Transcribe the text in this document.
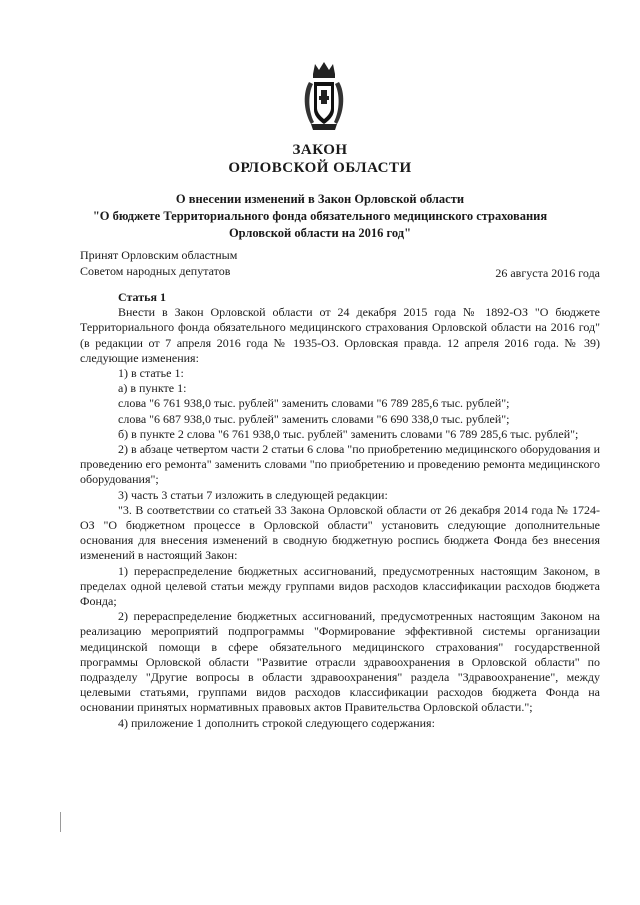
ЗАКОН
ОРЛОВСКОЙ ОБЛАСТИ
О внесении изменений в Закон Орловской области
"О бюджете Территориального фонда обязательного медицинского страхования
Орловской области на 2016 год"
Принят Орловским областным
Советом народных депутатов	26 августа 2016 года

Статья 1

Внести в Закон Орловской области от 24 декабря 2015 года № 1892-ОЗ "О бюджете Территориального фонда обязательного медицинского страхования Орловской области на 2016 год" (в редакции от 7 апреля 2016 года № 1935-ОЗ. Орловская правда. 12 апреля 2016 года. № 39) следующие изменения:

1) в статье 1:

а) в пункте 1:

слова "6 761 938,0 тыс. рублей" заменить словами "6 789 285,6 тыс. рублей";

слова "6 687 938,0 тыс. рублей" заменить словами "6 690 338,0 тыс. рублей";

б) в пункте 2 слова "6 761 938,0 тыс. рублей" заменить словами "6 789 285,6 тыс. рублей";

2) в абзаце четвертом части 2 статьи 6 слова "по приобретению медицинского оборудования и проведению его ремонта" заменить словами "по приобретению и проведению ремонта медицинского оборудования";

3) часть 3 статьи 7 изложить в следующей редакции:

"3. В соответствии со статьей 33 Закона Орловской области от 26 декабря 2014 года № 1724-ОЗ "О бюджетном процессе в Орловской области" установить следующие дополнительные основания для внесения изменений в сводную бюджетную роспись бюджета Фонда без внесения изменений в настоящий Закон:

1) перераспределение бюджетных ассигнований, предусмотренных настоящим Законом, в пределах одной целевой статьи между группами видов расходов классификации расходов бюджета Фонда;

2) перераспределение бюджетных ассигнований, предусмотренных настоящим Законом на реализацию мероприятий подпрограммы "Формирование эффективной системы организации медицинской помощи в сфере обязательного медицинского страхования" государственной программы Орловской области "Развитие отрасли здравоохранения в Орловской области" по подразделу "Другие вопросы в области здравоохранения" раздела "Здравоохранение", между целевыми статьями, группами видов расходов классификации расходов бюджета Фонда на основании принятых нормативных правовых актов Правительства Орловской области.";

4) приложение 1 дополнить строкой следующего содержания:
